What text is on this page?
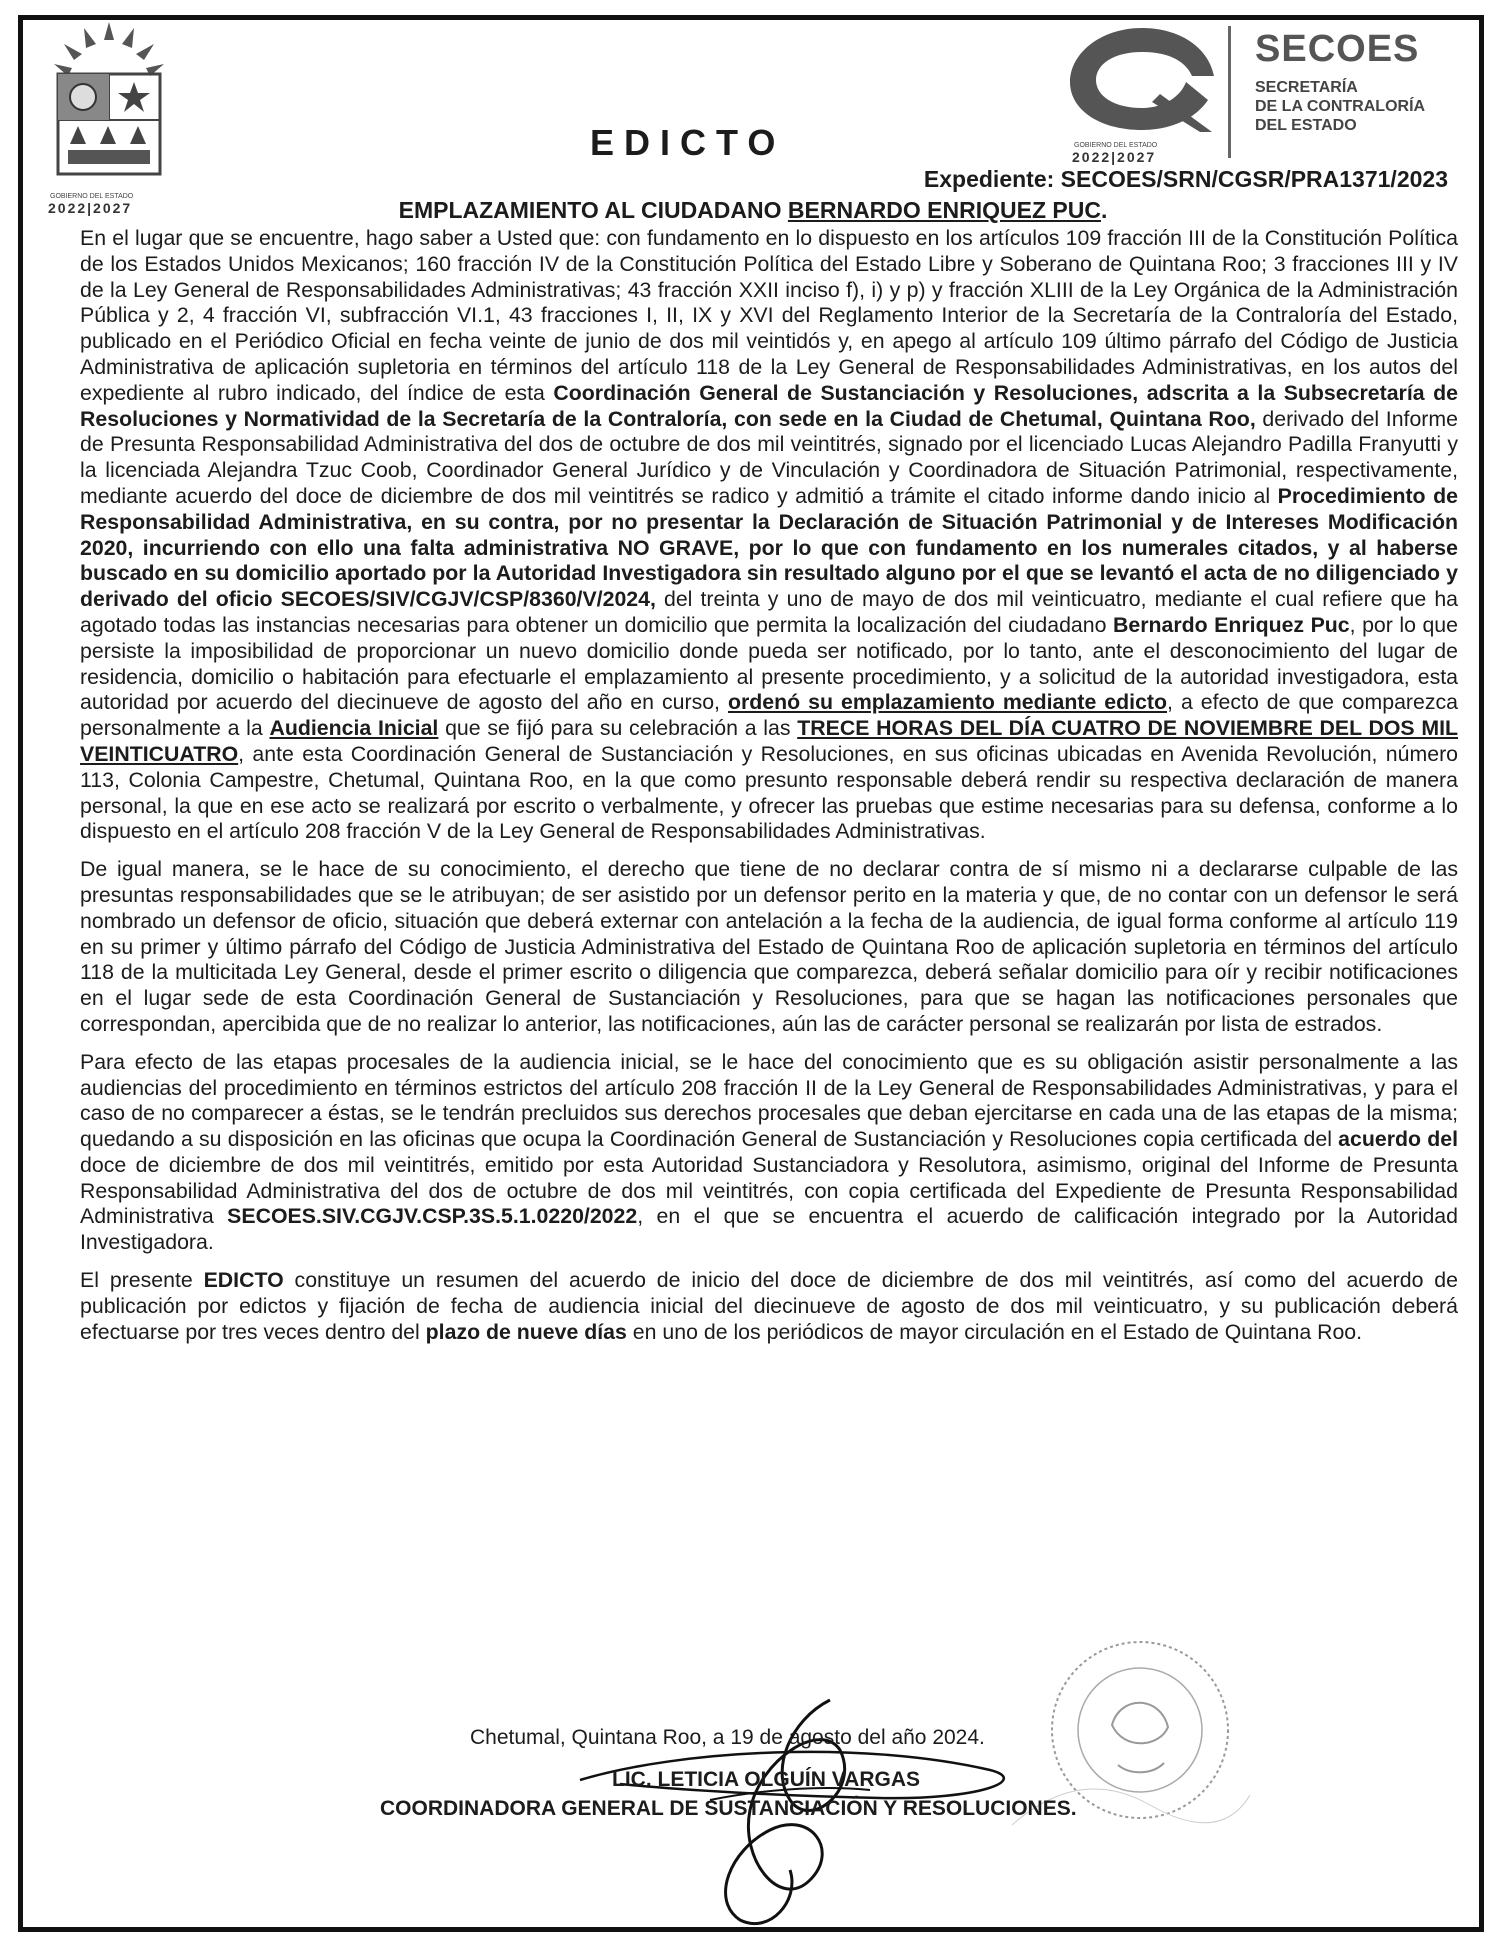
GOBIERNO DEL ESTADO
2022|2027
GOBIERNO DEL ESTADO
2022|2027
SECOES
SECRETARÍA
DE LA CONTRALORÍA
DEL ESTADO
EDICTO
Expediente: SECOES/SRN/CGSR/PRA1371/2023
EMPLAZAMIENTO AL CIUDADANO BERNARDO ENRIQUEZ PUC.

En el lugar que se encuentre, hago saber a Usted que: con fundamento en lo dispuesto en los artículos 109 fracción III de la Constitución Política de los Estados Unidos Mexicanos; 160 fracción IV de la Constitución Política del Estado Libre y Soberano de Quintana Roo; 3 fracciones III y IV de la Ley General de Responsabilidades Administrativas; 43 fracción XXII inciso f), i) y p) y fracción XLIII de la Ley Orgánica de la Administración Pública y 2, 4 fracción VI, subfracción VI.1, 43 fracciones I, II, IX y XVI del Reglamento Interior de la Secretaría de la Contraloría del Estado, publicado en el Periódico Oficial en fecha veinte de junio de dos mil veintidós y, en apego al artículo 109 último párrafo del Código de Justicia Administrativa de aplicación supletoria en términos del artículo 118 de la Ley General de Responsabilidades Administrativas, en los autos del expediente al rubro indicado, del índice de esta Coordinación General de Sustanciación y Resoluciones, adscrita a la Subsecretaría de Resoluciones y Normatividad de la Secretaría de la Contraloría, con sede en la Ciudad de Chetumal, Quintana Roo, derivado del Informe de Presunta Responsabilidad Administrativa del dos de octubre de dos mil veintitrés, signado por el licenciado Lucas Alejandro Padilla Franyutti y la licenciada Alejandra Tzuc Coob, Coordinador General Jurídico y de Vinculación y Coordinadora de Situación Patrimonial, respectivamente, mediante acuerdo del doce de diciembre de dos mil veintitrés se radico y admitió a trámite el citado informe dando inicio al Procedimiento de Responsabilidad Administrativa, en su contra, por no presentar la Declaración de Situación Patrimonial y de Intereses Modificación 2020, incurriendo con ello una falta administrativa NO GRAVE, por lo que con fundamento en los numerales citados, y al haberse buscado en su domicilio aportado por la Autoridad Investigadora sin resultado alguno por el que se levantó el acta de no diligenciado y derivado del oficio SECOES/SIV/CGJV/CSP/8360/V/2024, del treinta y uno de mayo de dos mil veinticuatro, mediante el cual refiere que ha agotado todas las instancias necesarias para obtener un domicilio que permita la localización del ciudadano Bernardo Enriquez Puc, por lo que persiste la imposibilidad de proporcionar un nuevo domicilio donde pueda ser notificado, por lo tanto, ante el desconocimiento del lugar de residencia, domicilio o habitación para efectuarle el emplazamiento al presente procedimiento, y a solicitud de la autoridad investigadora, esta autoridad por acuerdo del diecinueve de agosto del año en curso, ordenó su emplazamiento mediante edicto, a efecto de que comparezca personalmente a la Audiencia Inicial que se fijó para su celebración a las TRECE HORAS DEL DÍA CUATRO DE NOVIEMBRE DEL DOS MIL VEINTICUATRO, ante esta Coordinación General de Sustanciación y Resoluciones, en sus oficinas ubicadas en Avenida Revolución, número 113, Colonia Campestre, Chetumal, Quintana Roo, en la que como presunto responsable deberá rendir su respectiva declaración de manera personal, la que en ese acto se realizará por escrito o verbalmente, y ofrecer las pruebas que estime necesarias para su defensa, conforme a lo dispuesto en el artículo 208 fracción V de la Ley General de Responsabilidades Administrativas.

De igual manera, se le hace de su conocimiento, el derecho que tiene de no declarar contra de sí mismo ni a declararse culpable de las presuntas responsabilidades que se le atribuyan; de ser asistido por un defensor perito en la materia y que, de no contar con un defensor le será nombrado un defensor de oficio, situación que deberá externar con antelación a la fecha de la audiencia, de igual forma conforme al artículo 119 en su primer y último párrafo del Código de Justicia Administrativa del Estado de Quintana Roo de aplicación supletoria en términos del artículo 118 de la multicitada Ley General, desde el primer escrito o diligencia que comparezca, deberá señalar domicilio para oír y recibir notificaciones en el lugar sede de esta Coordinación General de Sustanciación y Resoluciones, para que se hagan las notificaciones personales que correspondan, apercibida que de no realizar lo anterior, las notificaciones, aún las de carácter personal se realizarán por lista de estrados.

Para efecto de las etapas procesales de la audiencia inicial, se le hace del conocimiento que es su obligación asistir personalmente a las audiencias del procedimiento en términos estrictos del artículo 208 fracción II de la Ley General de Responsabilidades Administrativas, y para el caso de no comparecer a éstas, se le tendrán precluidos sus derechos procesales que deban ejercitarse en cada una de las etapas de la misma; quedando a su disposición en las oficinas que ocupa la Coordinación General de Sustanciación y Resoluciones copia certificada del acuerdo del doce de diciembre de dos mil veintitrés, emitido por esta Autoridad Sustanciadora y Resolutora, asimismo, original del Informe de Presunta Responsabilidad Administrativa del dos de octubre de dos mil veintitrés, con copia certificada del Expediente de Presunta Responsabilidad Administrativa SECOES.SIV.CGJV.CSP.3S.5.1.0220/2022, en el que se encuentra el acuerdo de calificación integrado por la Autoridad Investigadora.

El presente EDICTO constituye un resumen del acuerdo de inicio del doce de diciembre de dos mil veintitrés, así como del acuerdo de publicación por edictos y fijación de fecha de audiencia inicial del diecinueve de agosto de dos mil veinticuatro, y su publicación deberá efectuarse por tres veces dentro del plazo de nueve días en uno de los periódicos de mayor circulación en el Estado de Quintana Roo.

Chetumal, Quintana Roo, a 19 de agosto del año 2024.
LIC. LETICIA OLGUÍN VARGAS
COORDINADORA GENERAL DE SUSTANCIACIÓN Y RESOLUCIONES.
